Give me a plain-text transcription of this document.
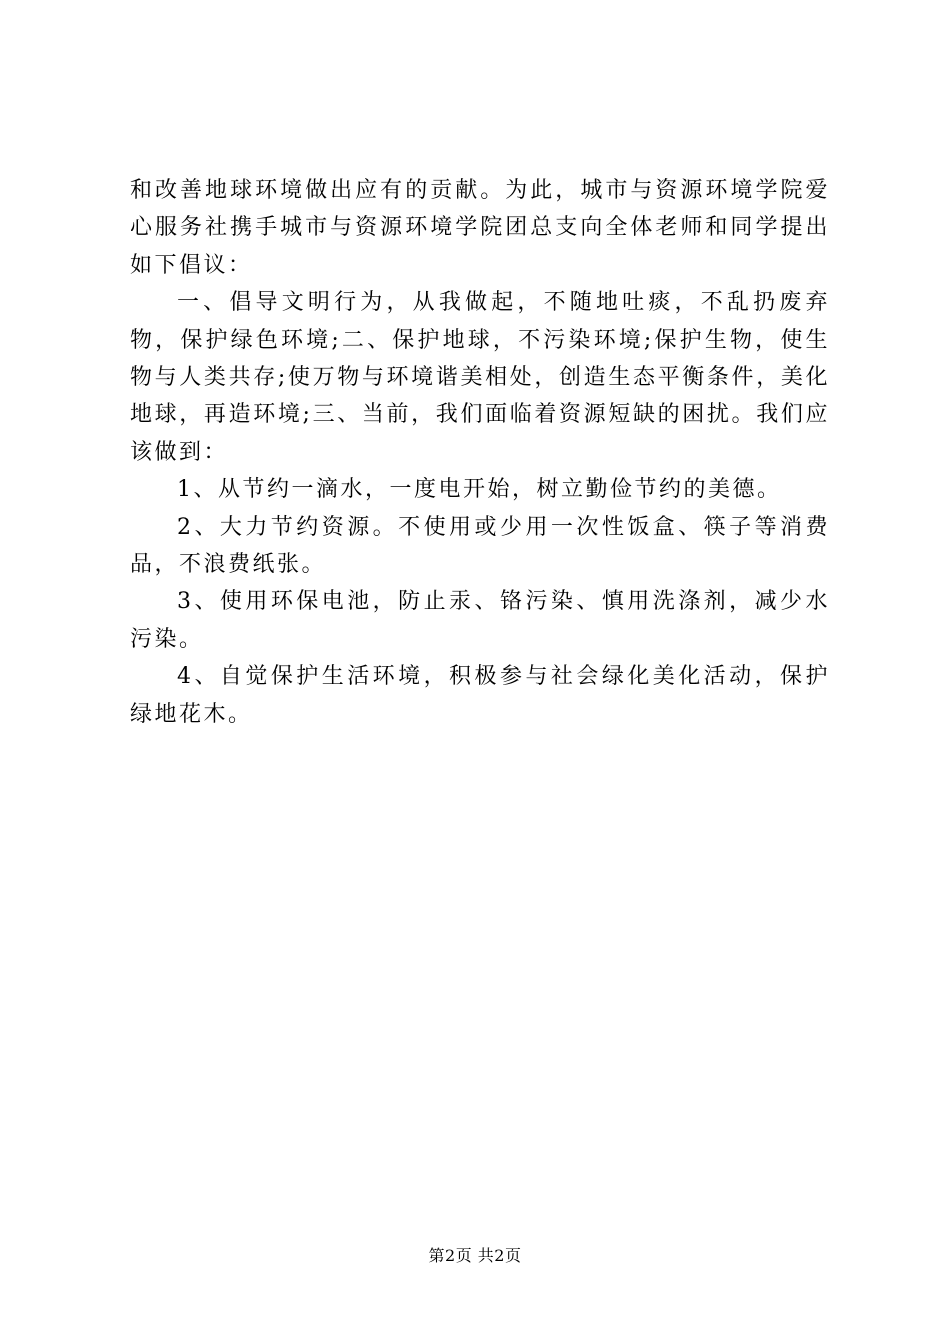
和改善地球环境做出应有的贡献。为此，城市与资源环境学院爱心服务社携手城市与资源环境学院团总支向全体老师和同学提出如下倡议：

一、倡导文明行为，从我做起，不随地吐痰，不乱扔废弃物，保护绿色环境;二、保护地球，不污染环境;保护生物，使生物与人类共存;使万物与环境谐美相处，创造生态平衡条件，美化地球，再造环境;三、当前，我们面临着资源短缺的困扰。我们应该做到：

1、从节约一滴水，一度电开始，树立勤俭节约的美德。

2、大力节约资源。不使用或少用一次性饭盒、筷子等消费品，不浪费纸张。

3、使用环保电池，防止汞、铬污染、慎用洗涤剂，减少水污染。

4、自觉保护生活环境，积极参与社会绿化美化活动，保护绿地花木。

第2页 共2页
